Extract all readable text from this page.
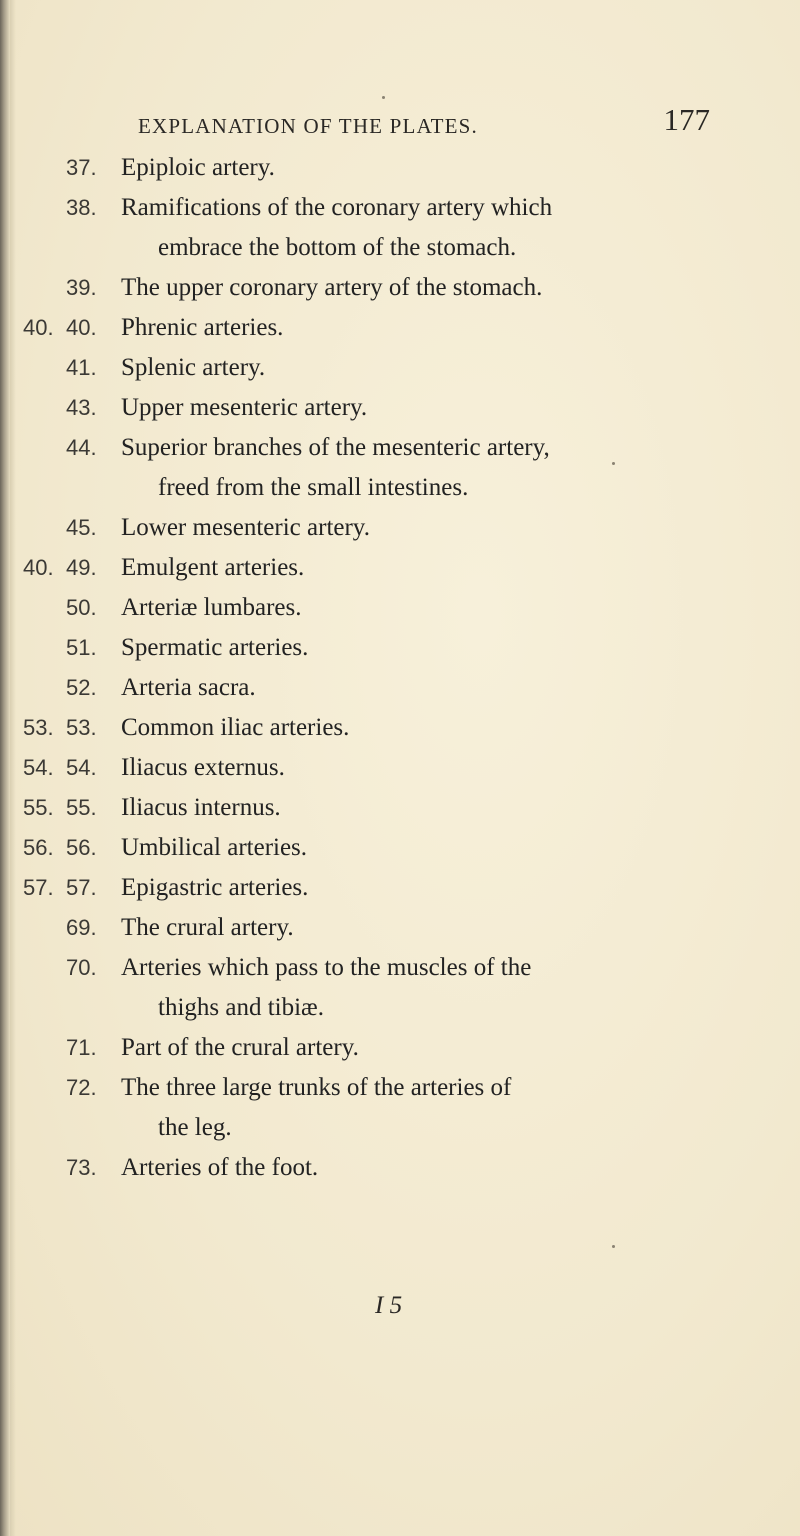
EXPLANATION OF THE PLATES.	177
37. Epiploic artery.
38. Ramifications of the coronary artery which
embrace the bottom of the stomach.
39. The upper coronary artery of the stomach.
40. 40. Phrenic arteries.
41. Splenic artery.
43. Upper mesenteric artery.
44. Superior branches of the mesenteric artery,
freed from the small intestines.
45. Lower mesenteric artery.
40. 49. Emulgent arteries.
50. Arteriæ lumbares.
51. Spermatic arteries.
52. Arteria sacra.
53. 53. Common iliac arteries.
54. 54. Iliacus externus.
55. 55. Iliacus internus.
56. 56. Umbilical arteries.
57. 57. Epigastric arteries.
69. The crural artery.
70. Arteries which pass to the muscles of the
thighs and tibiæ.
71. Part of the crural artery.
72. The three large trunks of the arteries of
the leg.
73. Arteries of the foot.
I 5
